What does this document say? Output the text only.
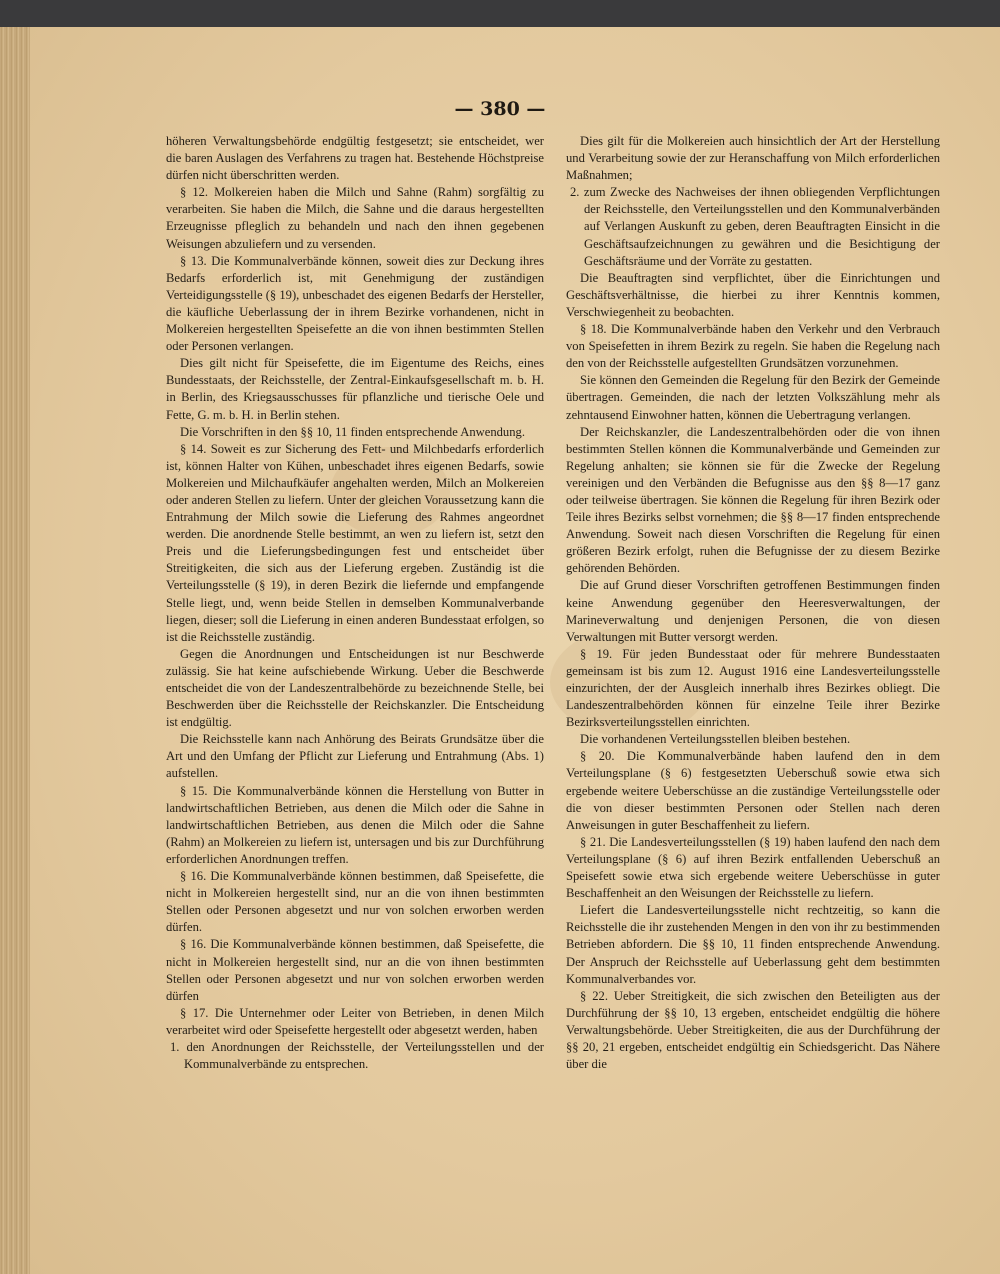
— 380 —

höheren Verwaltungsbehörde endgültig festgesetzt; sie entscheidet, wer die baren Auslagen des Verfahrens zu tragen hat. Bestehende Höchstpreise dürfen nicht überschritten werden.

§ 12. Molkereien haben die Milch und Sahne (Rahm) sorgfältig zu verarbeiten. Sie haben die Milch, die Sahne und die daraus hergestellten Erzeugnisse pfleglich zu behandeln und nach den ihnen gegebenen Weisungen abzuliefern und zu versenden.

§ 13. Die Kommunalverbände können, soweit dies zur Deckung ihres Bedarfs erforderlich ist, mit Genehmigung der zuständigen Verteidigungsstelle (§ 19), unbeschadet des eigenen Bedarfs der Hersteller, die käufliche Ueberlassung der in ihrem Bezirke vorhandenen, nicht in Molkereien hergestellten Speisefette an die von ihnen bestimmten Stellen oder Personen verlangen.

Dies gilt nicht für Speisefette, die im Eigentume des Reichs, eines Bundesstaats, der Reichsstelle, der Zentral-Einkaufsgesellschaft m. b. H. in Berlin, des Kriegsausschusses für pflanzliche und tierische Oele und Fette, G. m. b. H. in Berlin stehen.

Die Vorschriften in den §§ 10, 11 finden entsprechende Anwendung.

§ 14. Soweit es zur Sicherung des Fett- und Milchbedarfs erforderlich ist, können Halter von Kühen, unbeschadet ihres eigenen Bedarfs, sowie Molkereien und Milchaufkäufer angehalten werden, Milch an Molkereien oder anderen Stellen zu liefern. Unter der gleichen Voraussetzung kann die Entrahmung der Milch sowie die Lieferung des Rahmes angeordnet werden. Die anordnende Stelle bestimmt, an wen zu liefern ist, setzt den Preis und die Lieferungsbedingungen fest und entscheidet über Streitigkeiten, die sich aus der Lieferung ergeben. Zuständig ist die Verteilungsstelle (§ 19), in deren Bezirk die liefernde und empfangende Stelle liegt, und, wenn beide Stellen in demselben Kommunalverbande liegen, dieser; soll die Lieferung in einen anderen Bundesstaat erfolgen, so ist die Reichsstelle zuständig.

Gegen die Anordnungen und Entscheidungen ist nur Beschwerde zulässig. Sie hat keine aufschiebende Wirkung. Ueber die Beschwerde entscheidet die von der Landeszentralbehörde zu bezeichnende Stelle, bei Beschwerden über die Reichsstelle der Reichskanzler. Die Entscheidung ist endgültig.

Die Reichsstelle kann nach Anhörung des Beirats Grundsätze über die Art und den Umfang der Pflicht zur Lieferung und Entrahmung (Abs. 1) aufstellen.

§ 15. Die Kommunalverbände können die Herstellung von Butter in landwirtschaftlichen Betrieben, aus denen die Milch oder die Sahne in landwirtschaftlichen Betrieben, aus denen die Milch oder die Sahne (Rahm) an Molkereien zu liefern ist, untersagen und bis zur Durchführung erforderlichen Anordnungen treffen.

§ 16. Die Kommunalverbände können bestimmen, daß Speisefette, die nicht in Molkereien hergestellt sind, nur an die von ihnen bestimmten Stellen oder Personen abgesetzt und nur von solchen erworben werden dürfen.

§ 16. Die Kommunalverbände können bestimmen, daß Speisefette, die nicht in Molkereien hergestellt sind, nur an die von ihnen bestimmten Stellen oder Personen abgesetzt und nur von solchen erworben werden dürfen

§ 17. Die Unternehmer oder Leiter von Betrieben, in denen Milch verarbeitet wird oder Speisefette hergestellt oder abgesetzt werden, haben

1. den Anordnungen der Reichsstelle, der Verteilungsstellen und der Kommunalverbände zu entsprechen.

Dies gilt für die Molkereien auch hinsichtlich der Art der Herstellung und Verarbeitung sowie der zur Heranschaffung von Milch erforderlichen Maßnahmen;

2. zum Zwecke des Nachweises der ihnen obliegenden Verpflichtungen der Reichsstelle, den Verteilungsstellen und den Kommunalverbänden auf Verlangen Auskunft zu geben, deren Beauftragten Einsicht in die Geschäftsaufzeichnungen zu gewähren und die Besichtigung der Geschäftsräume und der Vorräte zu gestatten.

Die Beauftragten sind verpflichtet, über die Einrichtungen und Geschäftsverhältnisse, die hierbei zu ihrer Kenntnis kommen, Verschwiegenheit zu beobachten.

§ 18. Die Kommunalverbände haben den Verkehr und den Verbrauch von Speisefetten in ihrem Bezirk zu regeln. Sie haben die Regelung nach den von der Reichsstelle aufgestellten Grundsätzen vorzunehmen.

Sie können den Gemeinden die Regelung für den Bezirk der Gemeinde übertragen. Gemeinden, die nach der letzten Volkszählung mehr als zehntausend Einwohner hatten, können die Uebertragung verlangen.

Der Reichskanzler, die Landeszentralbehörden oder die von ihnen bestimmten Stellen können die Kommunalverbände und Gemeinden zur Regelung anhalten; sie können sie für die Zwecke der Regelung vereinigen und den Verbänden die Befugnisse aus den §§ 8—17 ganz oder teilweise übertragen. Sie können die Regelung für ihren Bezirk oder Teile ihres Bezirks selbst vornehmen; die §§ 8—17 finden entsprechende Anwendung. Soweit nach diesen Vorschriften die Regelung für einen größeren Bezirk erfolgt, ruhen die Befugnisse der zu diesem Bezirke gehörenden Behörden.

Die auf Grund dieser Vorschriften getroffenen Bestimmungen finden keine Anwendung gegenüber den Heeresverwaltungen, der Marineverwaltung und denjenigen Personen, die von diesen Verwaltungen mit Butter versorgt werden.

§ 19. Für jeden Bundesstaat oder für mehrere Bundesstaaten gemeinsam ist bis zum 12. August 1916 eine Landesverteilungsstelle einzurichten, der der Ausgleich innerhalb ihres Bezirkes obliegt. Die Landeszentralbehörden können für einzelne Teile ihrer Bezirke Bezirksverteilungsstellen einrichten.

Die vorhandenen Verteilungsstellen bleiben bestehen.

§ 20. Die Kommunalverbände haben laufend den in dem Verteilungsplane (§ 6) festgesetzten Ueberschuß sowie etwa sich ergebende weitere Ueberschüsse an die zuständige Verteilungsstelle oder die von dieser bestimmten Personen oder Stellen nach deren Anweisungen in guter Beschaffenheit zu liefern.

§ 21. Die Landesverteilungsstellen (§ 19) haben laufend den nach dem Verteilungsplane (§ 6) auf ihren Bezirk entfallenden Ueberschuß an Speisefett sowie etwa sich ergebende weitere Ueberschüsse in guter Beschaffenheit an den Weisungen der Reichsstelle zu liefern.

Liefert die Landesverteilungsstelle nicht rechtzeitig, so kann die Reichsstelle die ihr zustehenden Mengen in den von ihr zu bestimmenden Betrieben abfordern. Die §§ 10, 11 finden entsprechende Anwendung. Der Anspruch der Reichsstelle auf Ueberlassung geht dem bestimmten Kommunalverbandes vor.

§ 22. Ueber Streitigkeit, die sich zwischen den Beteiligten aus der Durchführung der §§ 10, 13 ergeben, entscheidet endgültig die höhere Verwaltungsbehörde. Ueber Streitigkeiten, die aus der Durchführung der §§ 20, 21 ergeben, entscheidet endgültig ein Schiedsgericht. Das Nähere über die
